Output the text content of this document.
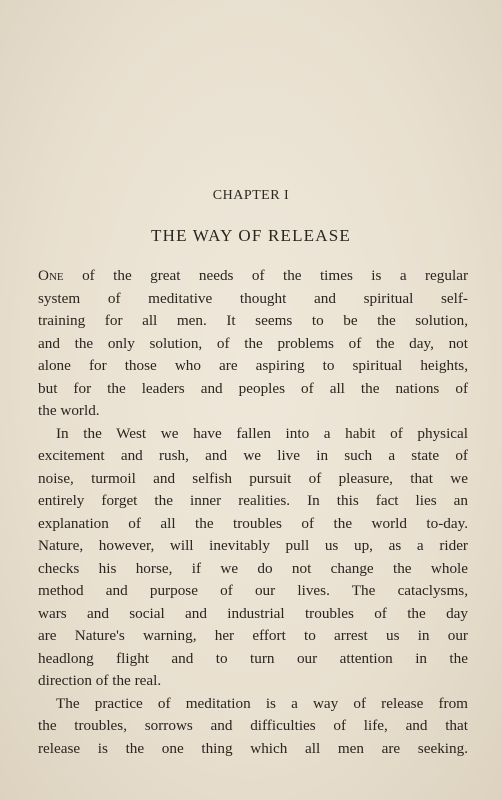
CHAPTER I
THE WAY OF RELEASE
One of the great needs of the times is a regular
system of meditative thought and spiritual self-
training for all men. It seems to be the solution,
and the only solution, of the problems of the day, not
alone for those who are aspiring to spiritual heights,
but for the leaders and peoples of all the nations of
the world.
In the West we have fallen into a habit of physical
excitement and rush, and we live in such a state of
noise, turmoil and selfish pursuit of pleasure, that we
entirely forget the inner realities. In this fact lies an
explanation of all the troubles of the world to-day.
Nature, however, will inevitably pull us up, as a rider
checks his horse, if we do not change the whole
method and purpose of our lives. The cataclysms,
wars and social and industrial troubles of the day
are Nature's warning, her effort to arrest us in our
headlong flight and to turn our attention in the
direction of the real.
The practice of meditation is a way of release from
the troubles, sorrows and difficulties of life, and that
release is the one thing which all men are seeking.
